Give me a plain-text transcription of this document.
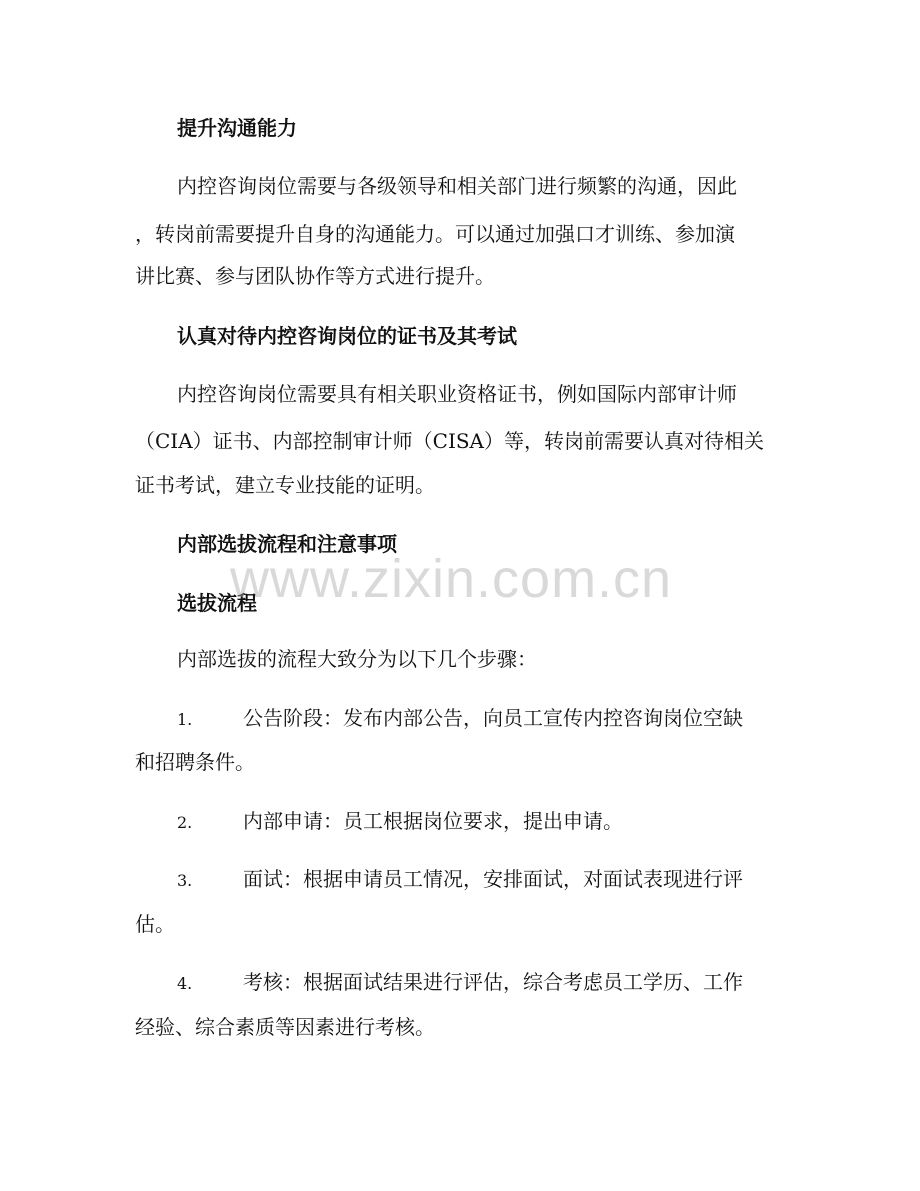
提升沟通能力
内控咨询岗位需要与各级领导和相关部门进行频繁的沟通，因此
，转岗前需要提升自身的沟通能力。可以通过加强口才训练、参加演
讲比赛、参与团队协作等方式进行提升。
认真对待内控咨询岗位的证书及其考试
内控咨询岗位需要具有相关职业资格证书，例如国际内部审计师
（CIA）证书、内部控制审计师（CISA）等，转岗前需要认真对待相关
证书考试，建立专业技能的证明。
内部选拔流程和注意事项
选拔流程
内部选拔的流程大致分为以下几个步骤：
1.	公告阶段：发布内部公告，向员工宣传内控咨询岗位空缺
和招聘条件。
2.	内部申请：员工根据岗位要求，提出申请。
3.	面试：根据申请员工情况，安排面试，对面试表现进行评
估。
4.	考核：根据面试结果进行评估，综合考虑员工学历、工作
经验、综合素质等因素进行考核。
www.zixin.com.cn
